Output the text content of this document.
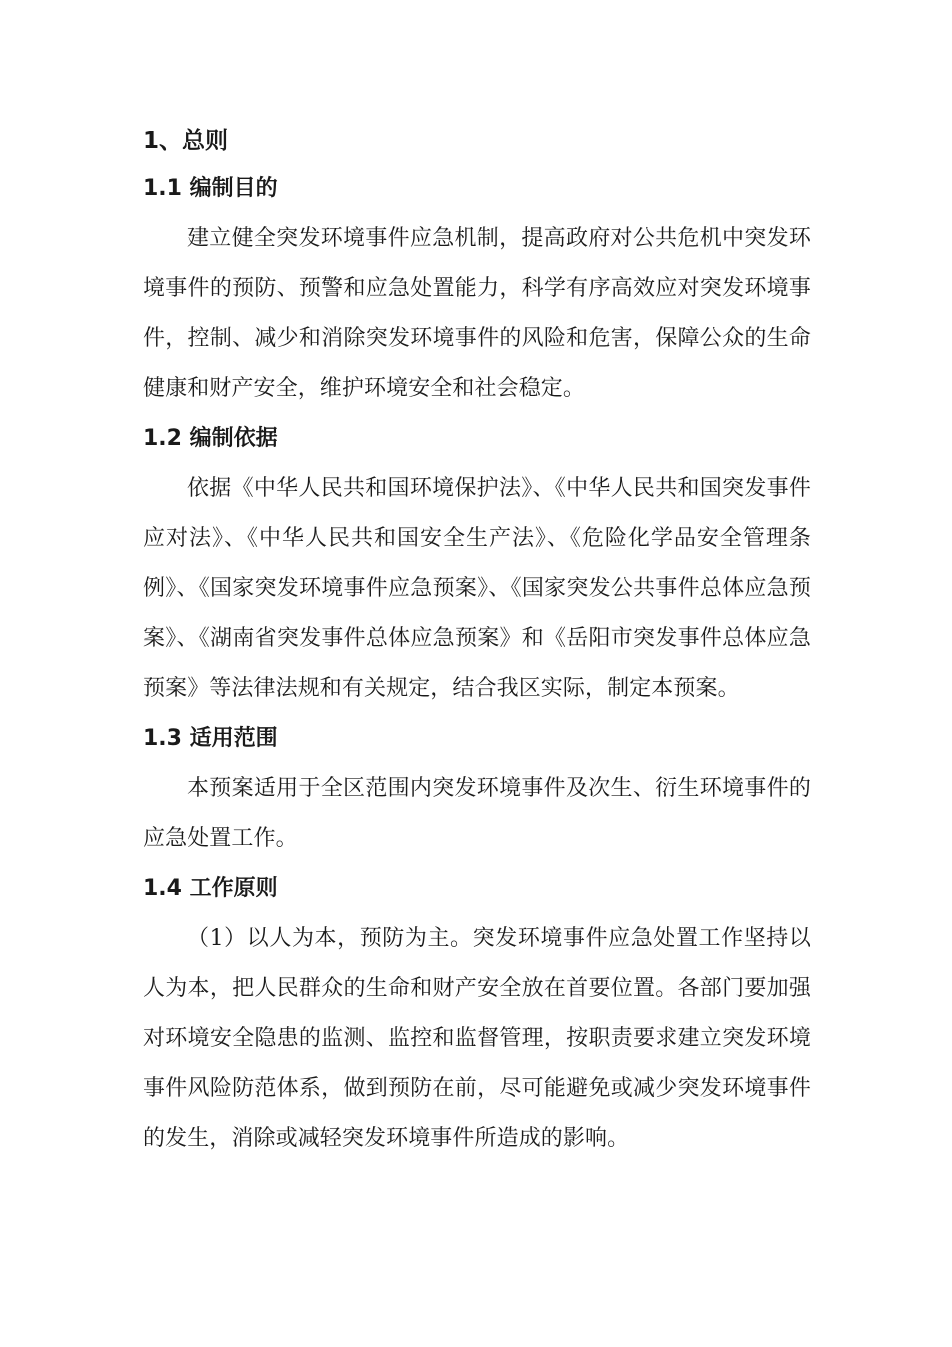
1、总则
1.1 编制目的

建立健全突发环境事件应急机制，提高政府对公共危机中突发环境事件的预防、预警和应急处置能力，科学有序高效应对突发环境事件，控制、减少和消除突发环境事件的风险和危害，保障公众的生命健康和财产安全，维护环境安全和社会稳定。

1.2 编制依据

依据《中华人民共和国环境保护法》、《中华人民共和国突发事件应对法》、《中华人民共和国安全生产法》、《危险化学品安全管理条例》、《国家突发环境事件应急预案》、《国家突发公共事件总体应急预案》、《湖南省突发事件总体应急预案》和《岳阳市突发事件总体应急预案》等法律法规和有关规定，结合我区实际，制定本预案。

1.3 适用范围

本预案适用于全区范围内突发环境事件及次生、衍生环境事件的应急处置工作。

1.4 工作原则

（1）以人为本，预防为主。突发环境事件应急处置工作坚持以人为本，把人民群众的生命和财产安全放在首要位置。各部门要加强对环境安全隐患的监测、监控和监督管理，按职责要求建立突发环境事件风险防范体系，做到预防在前，尽可能避免或减少突发环境事件的发生，消除或减轻突发环境事件所造成的影响。
